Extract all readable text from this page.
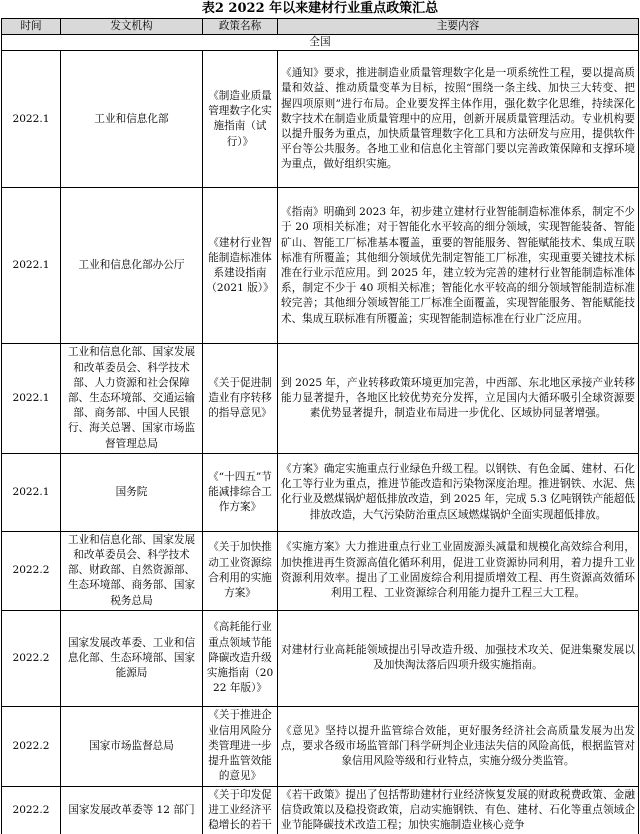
表2 2022 年以来建材行业重点政策汇总
时间	发文机构	政策名称	主要内容
全国			
2022.1	工业和信息化部	《制造业质量管理数字化实施指南（试行）》	《通知》要求，推进制造业质量管理数字化是一项系统性工程，要以提高质量和效益、推动质量变革为目标，按照“围绕一条主线、加快三大转变、把握四项原则”进行布局。企业要发挥主体作用，强化数字化思维，持续深化数字技术在制造业质量管理中的应用，创新开展质量管理活动。专业机构要以提升服务为重点，加快质量管理数字化工具和方法研发与应用，提供软件平台等公共服务。各地工业和信息化主管部门要以完善政策保障和支撑环境为重点，做好组织实施。
2022.1	工业和信息化部办公厅	《建材行业智能制造标准体系建设指南（2021 版）》	《指南》明确到 2023 年，初步建立建材行业智能制造标准体系，制定不少于 20 项相关标准；对于智能化水平较高的细分领域，实现智能装备、智能矿山、智能工厂标准基本覆盖，重要的智能服务、智能赋能技术、集成互联标准有所覆盖；其他细分领域优先制定智能工厂标准，实现重要关键技术标准在行业示范应用。到 2025 年，建立较为完善的建材行业智能制造标准体系，制定不少于 40 项相关标准；智能化水平较高的细分领域智能制造标准较完善；其他细分领域智能工厂标准全面覆盖，实现智能服务、智能赋能技术、集成互联标准有所覆盖；实现智能制造标准在行业广泛应用。
2022.1	工业和信息化部、国家发展和改革委员会、科学技术部、人力资源和社会保障部、生态环境部、交通运输部、商务部、中国人民银行、海关总署、国家市场监督管理总局	《关于促进制造业有序转移的指导意见》	到 2025 年，产业转移政策环境更加完善，中西部、东北地区承接产业转移能力显著提升，各地区比较优势充分发挥，立足国内大循环吸引全球资源要素优势显著提升，制造业布局进一步优化、区域协同显著增强。
2022.1	国务院	《“十四五”节能减排综合工作方案》	《方案》确定实施重点行业绿色升级工程。以钢铁、有色金属、建材、石化化工等行业为重点，推进节能改造和污染物深度治理。推进钢铁、水泥、焦化行业及燃煤锅炉超低排放改造，到 2025 年，完成 5.3 亿吨钢铁产能超低排放改造，大气污染防治重点区域燃煤锅炉全面实现超低排放。
2022.2	工业和信息化部、国家发展和改革委员会、科学技术部、财政部、自然资源部、生态环境部、商务部、国家税务总局	《关于加快推动工业资源综合利用的实施方案》	《实施方案》大力推进重点行业工业固废源头减量和规模化高效综合利用，加快推进再生资源高值化循环利用，促进工业资源协同利用，着力提升工业资源利用效率。提出了工业固废综合利用提质增效工程、再生资源高效循环利用工程、工业资源综合利用能力提升工程三大工程。
2022.2	国家发展改革委、工业和信息化部、生态环境部、国家能源局	《高耗能行业重点领域节能降碳改造升级实施指南（2022 年版）》	对建材行业高耗能领域提出引导改造升级、加强技术攻关、促进集聚发展以及加快淘汰落后四项升级实施指南。
2022.2	国家市场监督总局	《关于推进企业信用风险分类管理进一步提升监管效能的意见》	《意见》坚持以提升监管综合效能，更好服务经济社会高质量发展为出发点，要求各级市场监管部门科学研判企业违法失信的风险高低，根据监管对象信用风险等级和行业特点，实施分级分类监管。
2022.2	国家发展改革委等 12 部门	《关于印发促进工业经济平稳增长的若干	《若干政策》提出了包括帮助建材行业经济恢复发展的财政税费政策、金融信贷政策以及稳投资政策，启动实施钢铁、有色、建材、石化等重点领域企业节能降碳技术改造工程；加快实施制造业核心竞争
